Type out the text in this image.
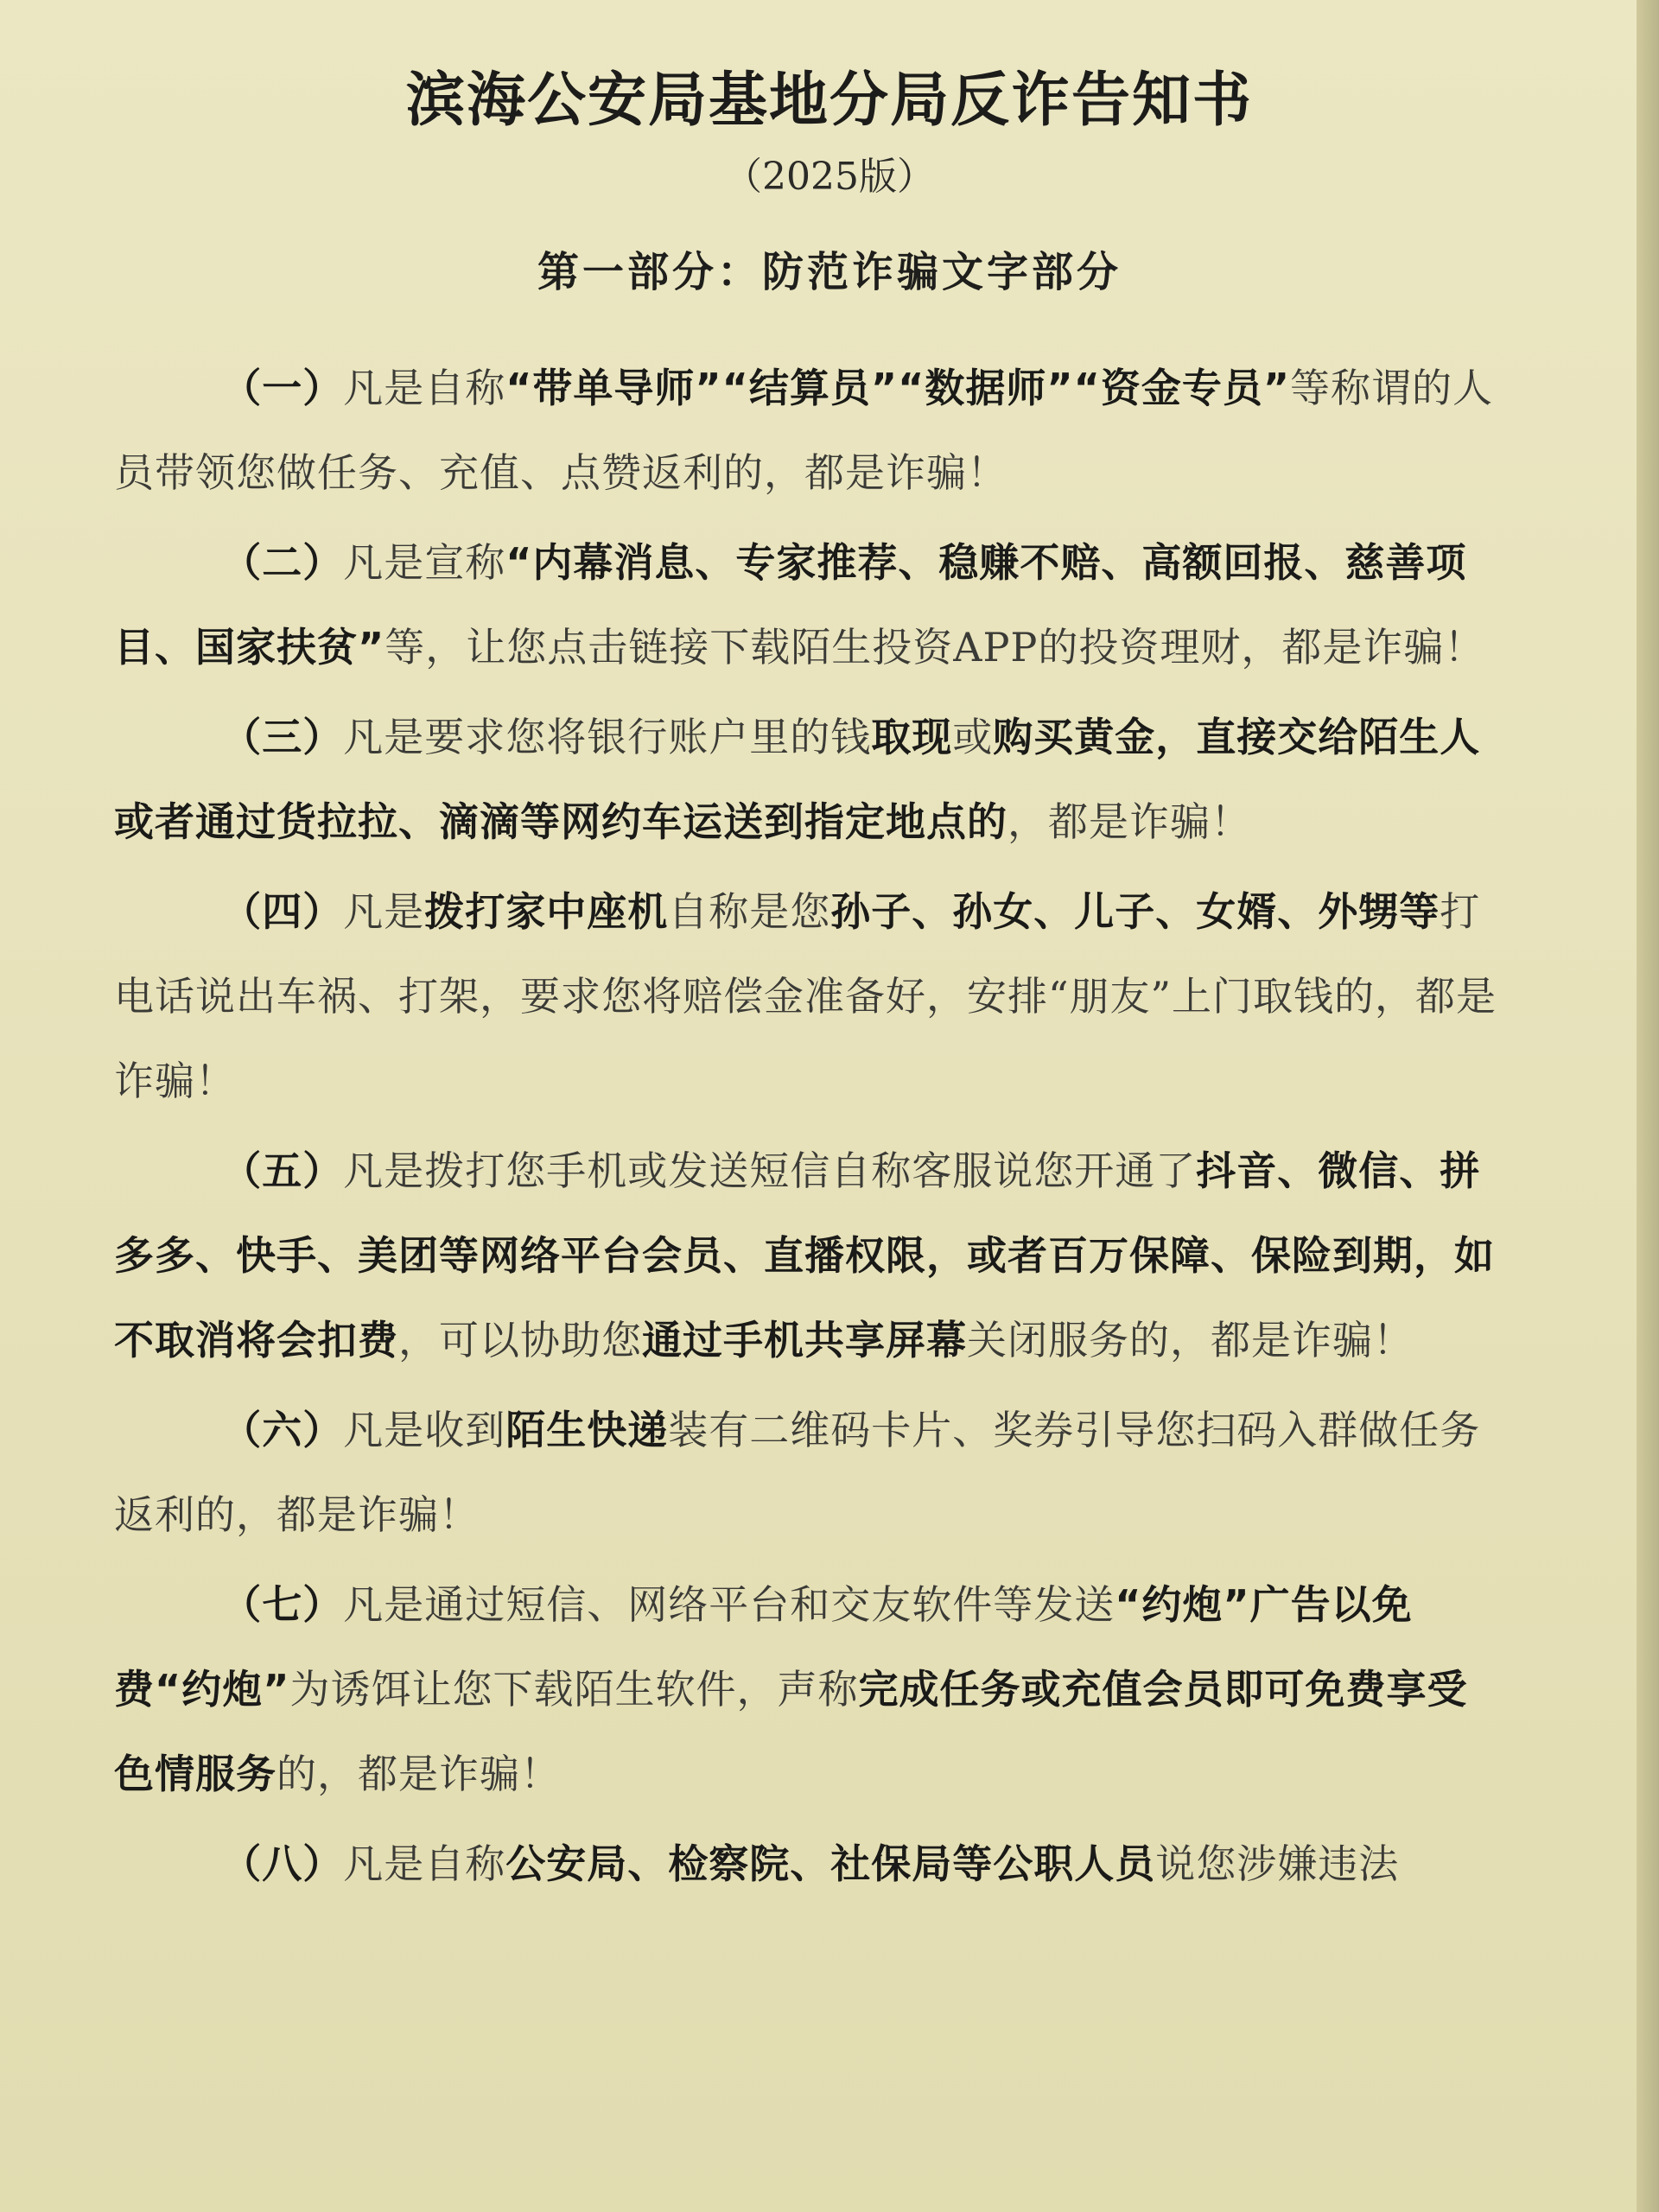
滨海公安局基地分局反诈告知书
（2025版）
第一部分：防范诈骗文字部分

（一）凡是自称“带单导师”“结算员”“数据师”“资金专员”等称谓的人员带领您做任务、充值、点赞返利的，都是诈骗！

（二）凡是宣称“内幕消息、专家推荐、稳赚不赔、高额回报、慈善项目、国家扶贫”等，让您点击链接下载陌生投资APP的投资理财，都是诈骗！

（三）凡是要求您将银行账户里的钱取现或购买黄金，直接交给陌生人或者通过货拉拉、滴滴等网约车运送到指定地点的，都是诈骗！

（四）凡是拨打家中座机自称是您孙子、孙女、儿子、女婿、外甥等打电话说出车祸、打架，要求您将赔偿金准备好，安排“朋友”上门取钱的，都是诈骗！

（五）凡是拨打您手机或发送短信自称客服说您开通了抖音、微信、拼多多、快手、美团等网络平台会员、直播权限，或者百万保障、保险到期，如不取消将会扣费，可以协助您通过手机共享屏幕关闭服务的，都是诈骗！

（六）凡是收到陌生快递装有二维码卡片、奖券引导您扫码入群做任务返利的，都是诈骗！

（七）凡是通过短信、网络平台和交友软件等发送“约炮”广告以免费“约炮”为诱饵让您下载陌生软件，声称完成任务或充值会员即可免费享受色情服务的，都是诈骗！

（八）凡是自称公安局、检察院、社保局等公职人员说您涉嫌违法
